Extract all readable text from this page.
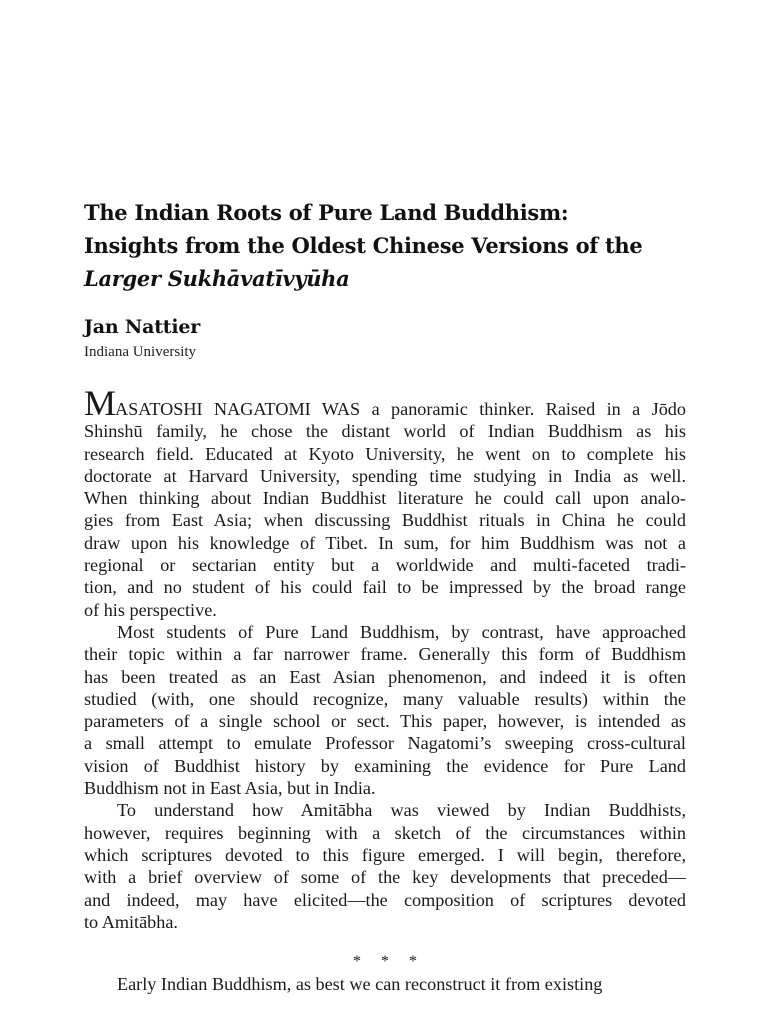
The Indian Roots of Pure Land Buddhism:
Insights from the Oldest Chinese Versions of the
Larger Sukhāvatīvyūha
Jan Nattier
Indiana University

MASATOSHI NAGATOMI WAS a panoramic thinker. Raised in a Jōdo
Shinshū family, he chose the distant world of Indian Buddhism as his
research field. Educated at Kyoto University, he went on to complete his
doctorate at Harvard University, spending time studying in India as well.
When thinking about Indian Buddhist literature he could call upon analo-
gies from East Asia; when discussing Buddhist rituals in China he could
draw upon his knowledge of Tibet. In sum, for him Buddhism was not a
regional or sectarian entity but a worldwide and multi-faceted tradi-
tion, and no student of his could fail to be impressed by the broad range
of his perspective.

Most students of Pure Land Buddhism, by contrast, have approached
their topic within a far narrower frame. Generally this form of Buddhism
has been treated as an East Asian phenomenon, and indeed it is often
studied (with, one should recognize, many valuable results) within the
parameters of a single school or sect. This paper, however, is intended as
a small attempt to emulate Professor Nagatomi’s sweeping cross-cultural
vision of Buddhist history by examining the evidence for Pure Land
Buddhism not in East Asia, but in India.

To understand how Amitābha was viewed by Indian Buddhists,
however, requires beginning with a sketch of the circumstances within
which scriptures devoted to this figure emerged. I will begin, therefore,
with a brief overview of some of the key developments that preceded—
and indeed, may have elicited—the composition of scriptures devoted
to Amitābha.

* * *

Early Indian Buddhism, as best we can reconstruct it from existing
